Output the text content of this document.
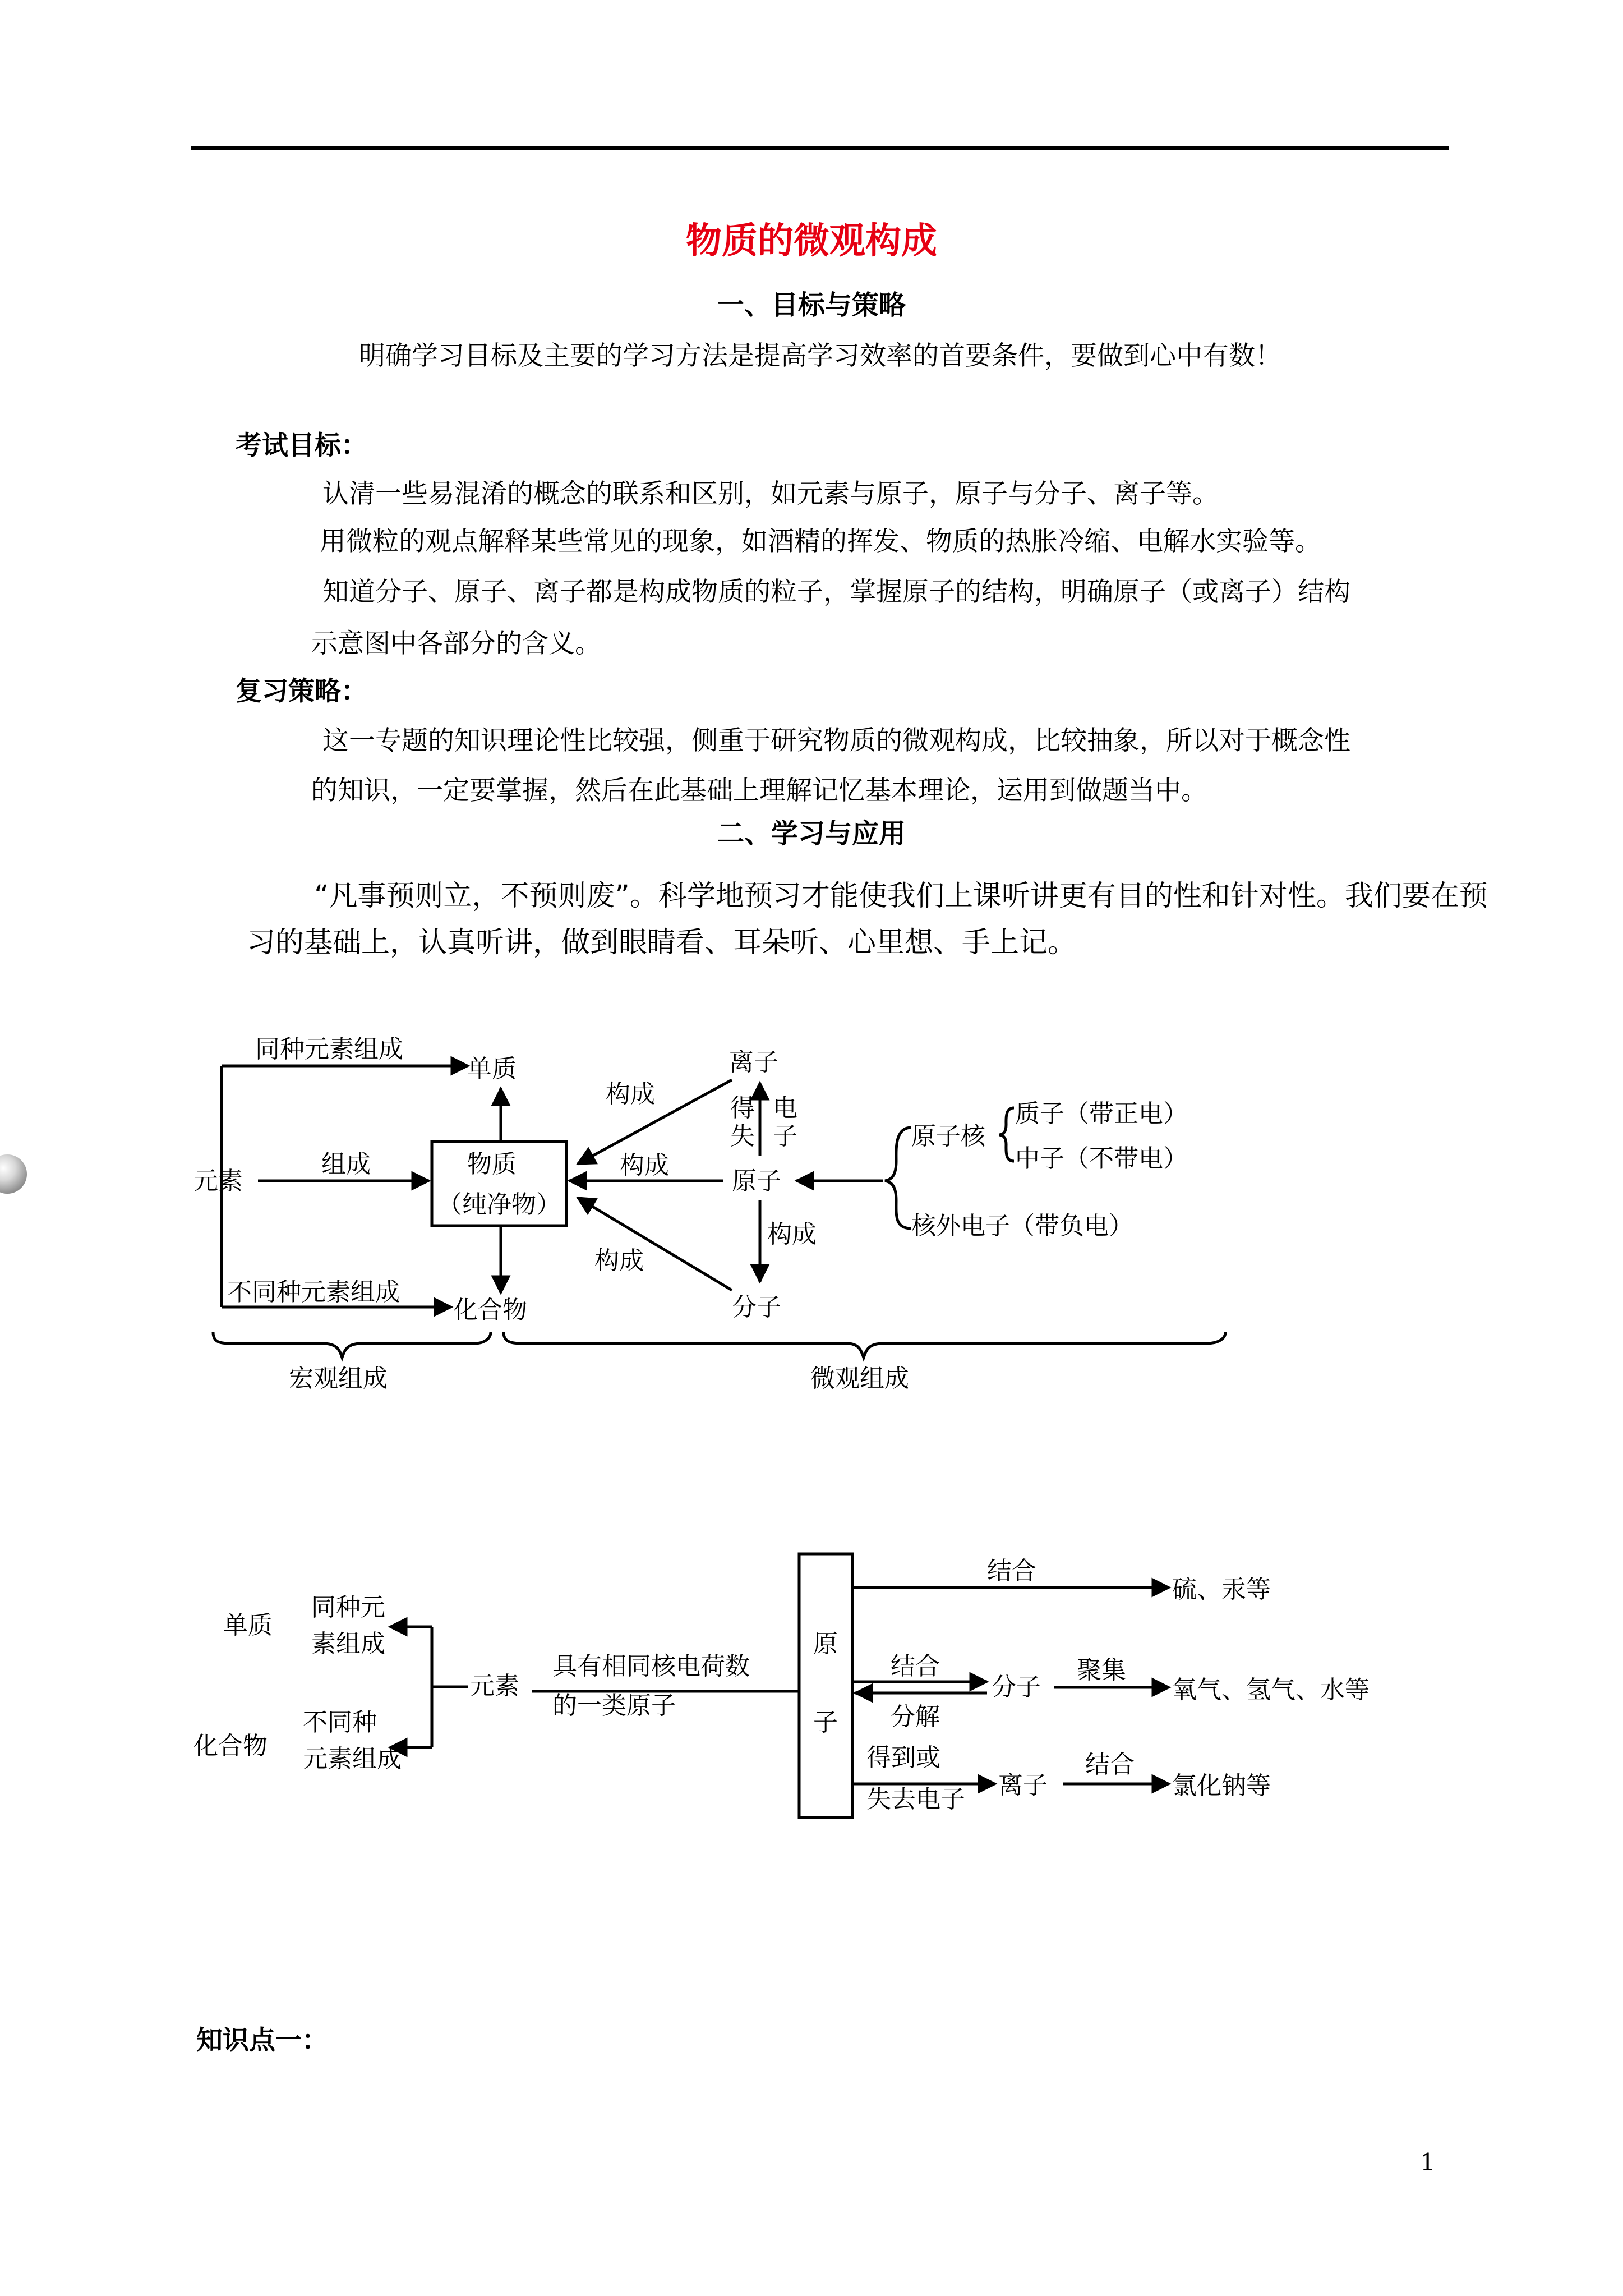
物质的微观构成
一、目标与策略
明确学习目标及主要的学习方法是提高学习效率的首要条件，要做到心中有数！
考试目标：
认清一些易混淆的概念的联系和区别，如元素与原子，原子与分子、离子等。
用微粒的观点解释某些常见的现象，如酒精的挥发、物质的热胀冷缩、电解水实验等。
知道分子、原子、离子都是构成物质的粒子，掌握原子的结构，明确原子（或离子）结构
示意图中各部分的含义。
复习策略：
这一专题的知识理论性比较强，侧重于研究物质的微观构成，比较抽象，所以对于概念性
的知识，一定要掌握，然后在此基础上理解记忆基本理论，运用到做题当中。
二、学习与应用
“凡事预则立，不预则废”。科学地预习才能使我们上课听讲更有目的性和针对性。我们要在预
习的基础上，认真听讲，做到眼睛看、耳朵听、心里想、手上记。
元素
同种元素组成
单质
组成	物质
（纯净物）
不同种元素组成
化合物
构成
构成
构成
构成
离子
得
失
电
子
原子
分子
原子核
质子（带正电）
中子（不带电）
核外电子（带负电）
宏观组成	微观组成
单质
同种元
素组成
化合物
不同种
元素组成
元素
具有相同核电荷数
的一类原子
原
子
结合
硫、汞等
结合
分解
分子
聚集
氧气、氢气、水等
得到或
失去电子 离子
结合
氯化钠等
知识点一：
1
